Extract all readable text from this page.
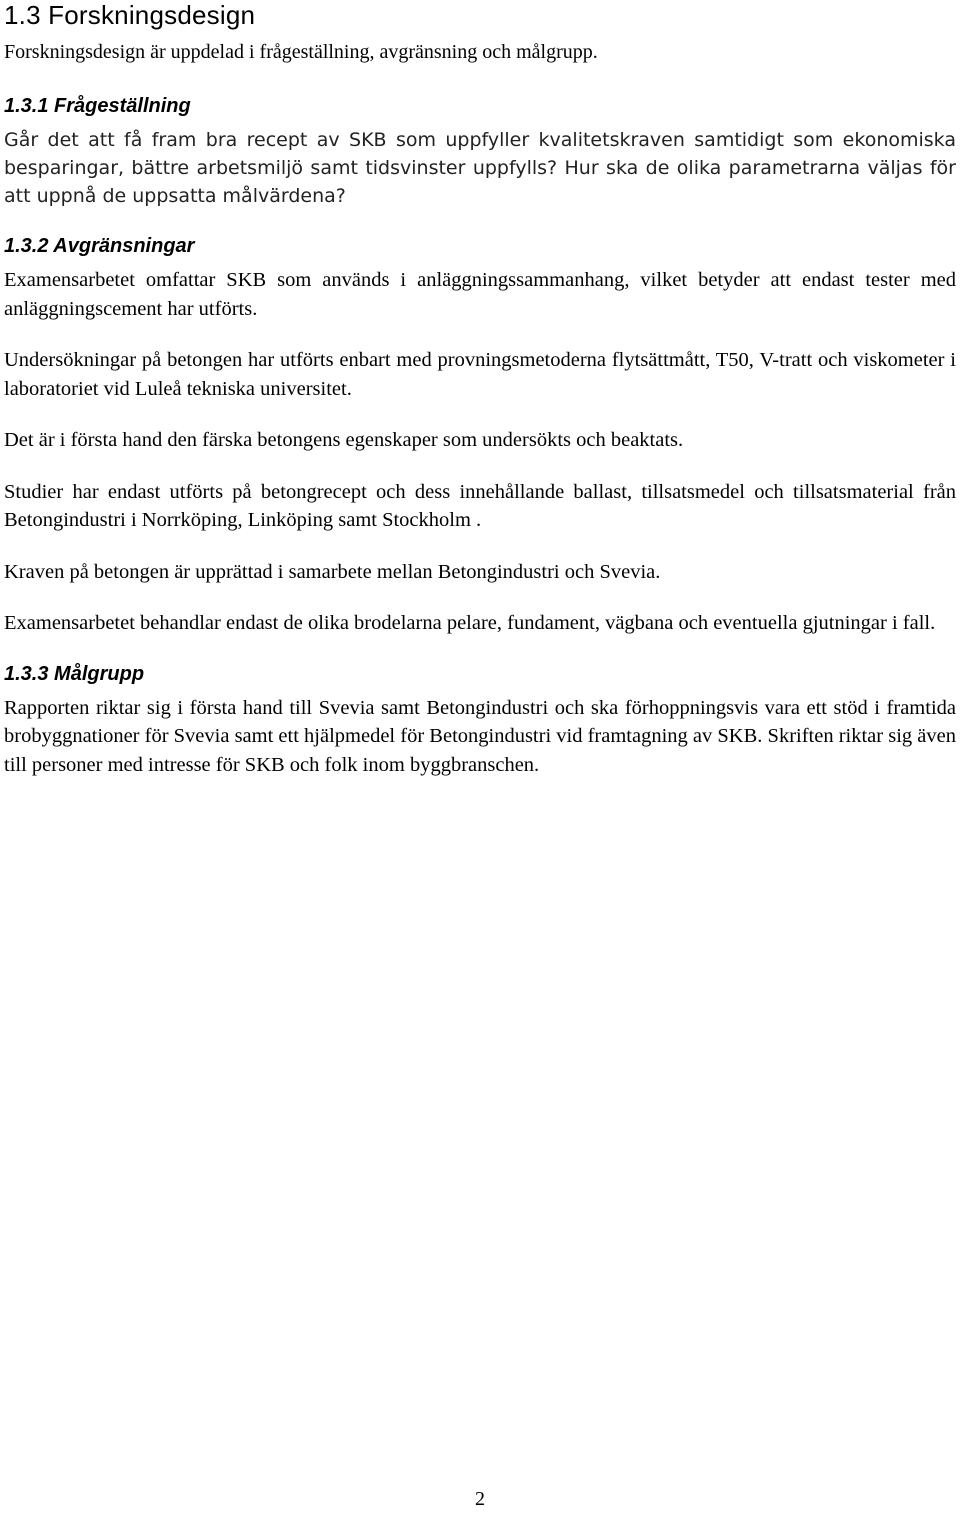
1.3 Forskningsdesign

Forskningsdesign är uppdelad i frågeställning, avgränsning och målgrupp.

1.3.1 Frågeställning

Går det att få fram bra recept av SKB som uppfyller kvalitetskraven samtidigt som ekonomiska besparingar, bättre arbetsmiljö samt tidsvinster uppfylls? Hur ska de olika parametrarna väljas för att uppnå de uppsatta målvärdena?

1.3.2 Avgränsningar

Examensarbetet omfattar SKB som används i anläggningssammanhang, vilket betyder att endast tester med anläggningscement har utförts.

Undersökningar på betongen har utförts enbart med provningsmetoderna flytsättmått, T50, V-tratt och viskometer i laboratoriet vid Luleå tekniska universitet.

Det är i första hand den färska betongens egenskaper som undersökts och beaktats.

Studier har endast utförts på betongrecept och dess innehållande ballast, tillsatsmedel och tillsatsmaterial från Betongindustri i Norrköping, Linköping samt Stockholm .

Kraven på betongen är upprättad i samarbete mellan Betongindustri och Svevia.

Examensarbetet behandlar endast de olika brodelarna pelare, fundament, vägbana och eventuella gjutningar i fall.

1.3.3 Målgrupp

Rapporten riktar sig i första hand till Svevia samt Betongindustri och ska förhoppningsvis vara ett stöd i framtida brobyggnationer för Svevia samt ett hjälpmedel för Betongindustri vid framtagning av SKB. Skriften riktar sig även till personer med intresse för SKB och folk inom byggbranschen.

2
